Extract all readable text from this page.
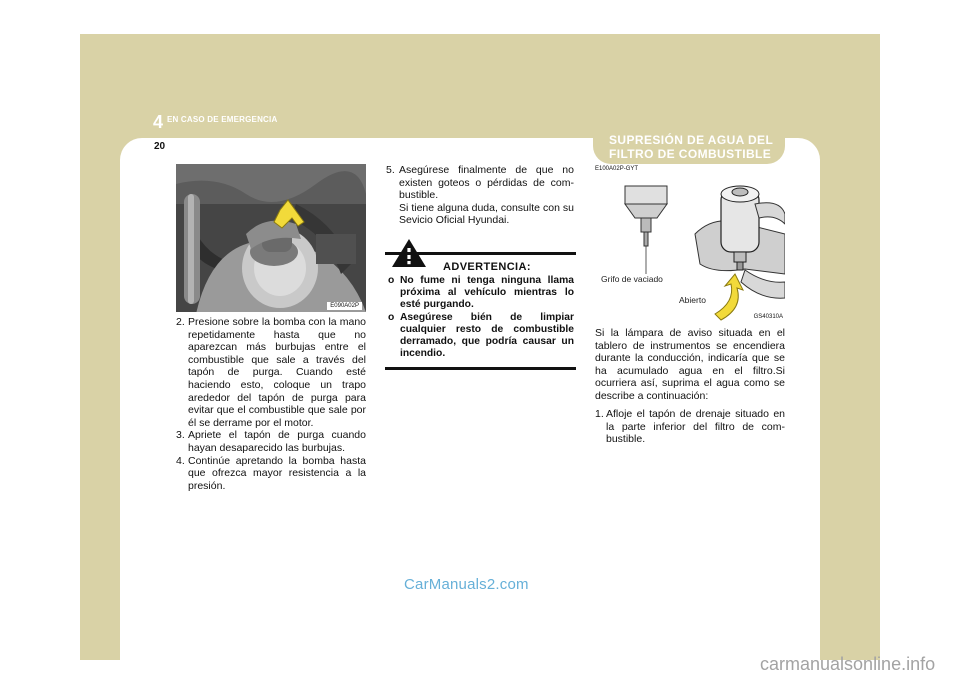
4 EN CASO DE EMERGENCIA
20	SUPRESIÓN DE AGUA DEL
FILTRO DE COMBUSTIBLE
E100A02P-GYT
E090A02P
2. Presione sobre la bomba con la mano repetidamente hasta que no aparezcan más burbujas entre el combustible que sale a través del tapón de purga. Cuando esté haciendo esto, coloque un trapo arededor del tapón de purga para evitar que el combustible que sale por él se derrame por el motor.
3. Apriete el tapón de purga cuando hayan desaparecido las burbujas.
4. Continúe apretando la bomba hasta que ofrezca mayor resistencia a la presión.
5. Asegúrese finalmente de que no existen goteos o pérdidas de com- bustible.
Si tiene alguna duda, consulte con su Sevicio Oficial Hyundai.
ADVERTENCIA:
o No fume ni tenga ninguna llama próxima al vehículo mientras lo esté purgando.
o Asegúrese bién de limpiar cualquier resto de combustible derramado, que podría causar un incendio.
Grifo de vaciado
Abierto
GS40310A
Si la lámpara de aviso situada en el tablero de instrumentos se encendiera durante la conducción, indicaría que se ha acumulado agua en el filtro.Si ocurriera así, suprima el agua como se describe a continuación:
1. Afloje el tapón de drenaje situado en la parte inferior del filtro de com- bustible.
CarManuals2.com
carmanualsonline.info
